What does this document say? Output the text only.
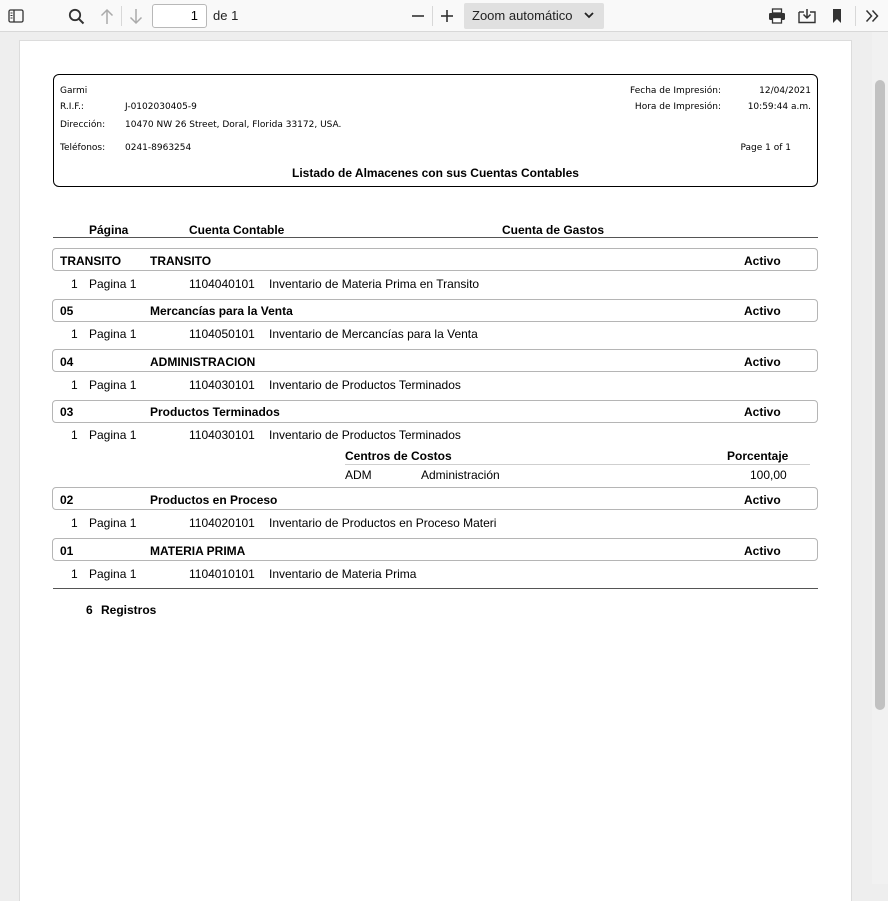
1	de 1	Zoom automático
Garmi
R.I.F.:	J-0102030405-9
Dirección: 10470 NW 26 Street, Doral, Florida 33172, USA.
Teléfonos: 0241-8963254
Fecha de Impresión:	12/04/2021
Hora de Impresión:	10:59:44 a.m.
Page 1 of 1
Listado de Almacenes con sus Cuentas Contables
Página	Cuenta Contable	Cuenta de Gastos
TRANSITO TRANSITO	Activo
1 Pagina 1	1104040101 Inventario de Materia Prima en Transito
05	Mercancías para la Venta	Activo
1 Pagina 1	1104050101 Inventario de Mercancías para la Venta
04	ADMINISTRACION	Activo
1 Pagina 1	1104030101 Inventario de Productos Terminados
03	Productos Terminados	Activo
1 Pagina 1	1104030101 Inventario de Productos Terminados
Centros de Costos	Porcentaje
ADM	Administración	100,00
02	Productos en Proceso	Activo
1 Pagina 1	1104020101 Inventario de Productos en Proceso Materi
01	MATERIA PRIMA	Activo
1 Pagina 1	1104010101 Inventario de Materia Prima
6 Registros
